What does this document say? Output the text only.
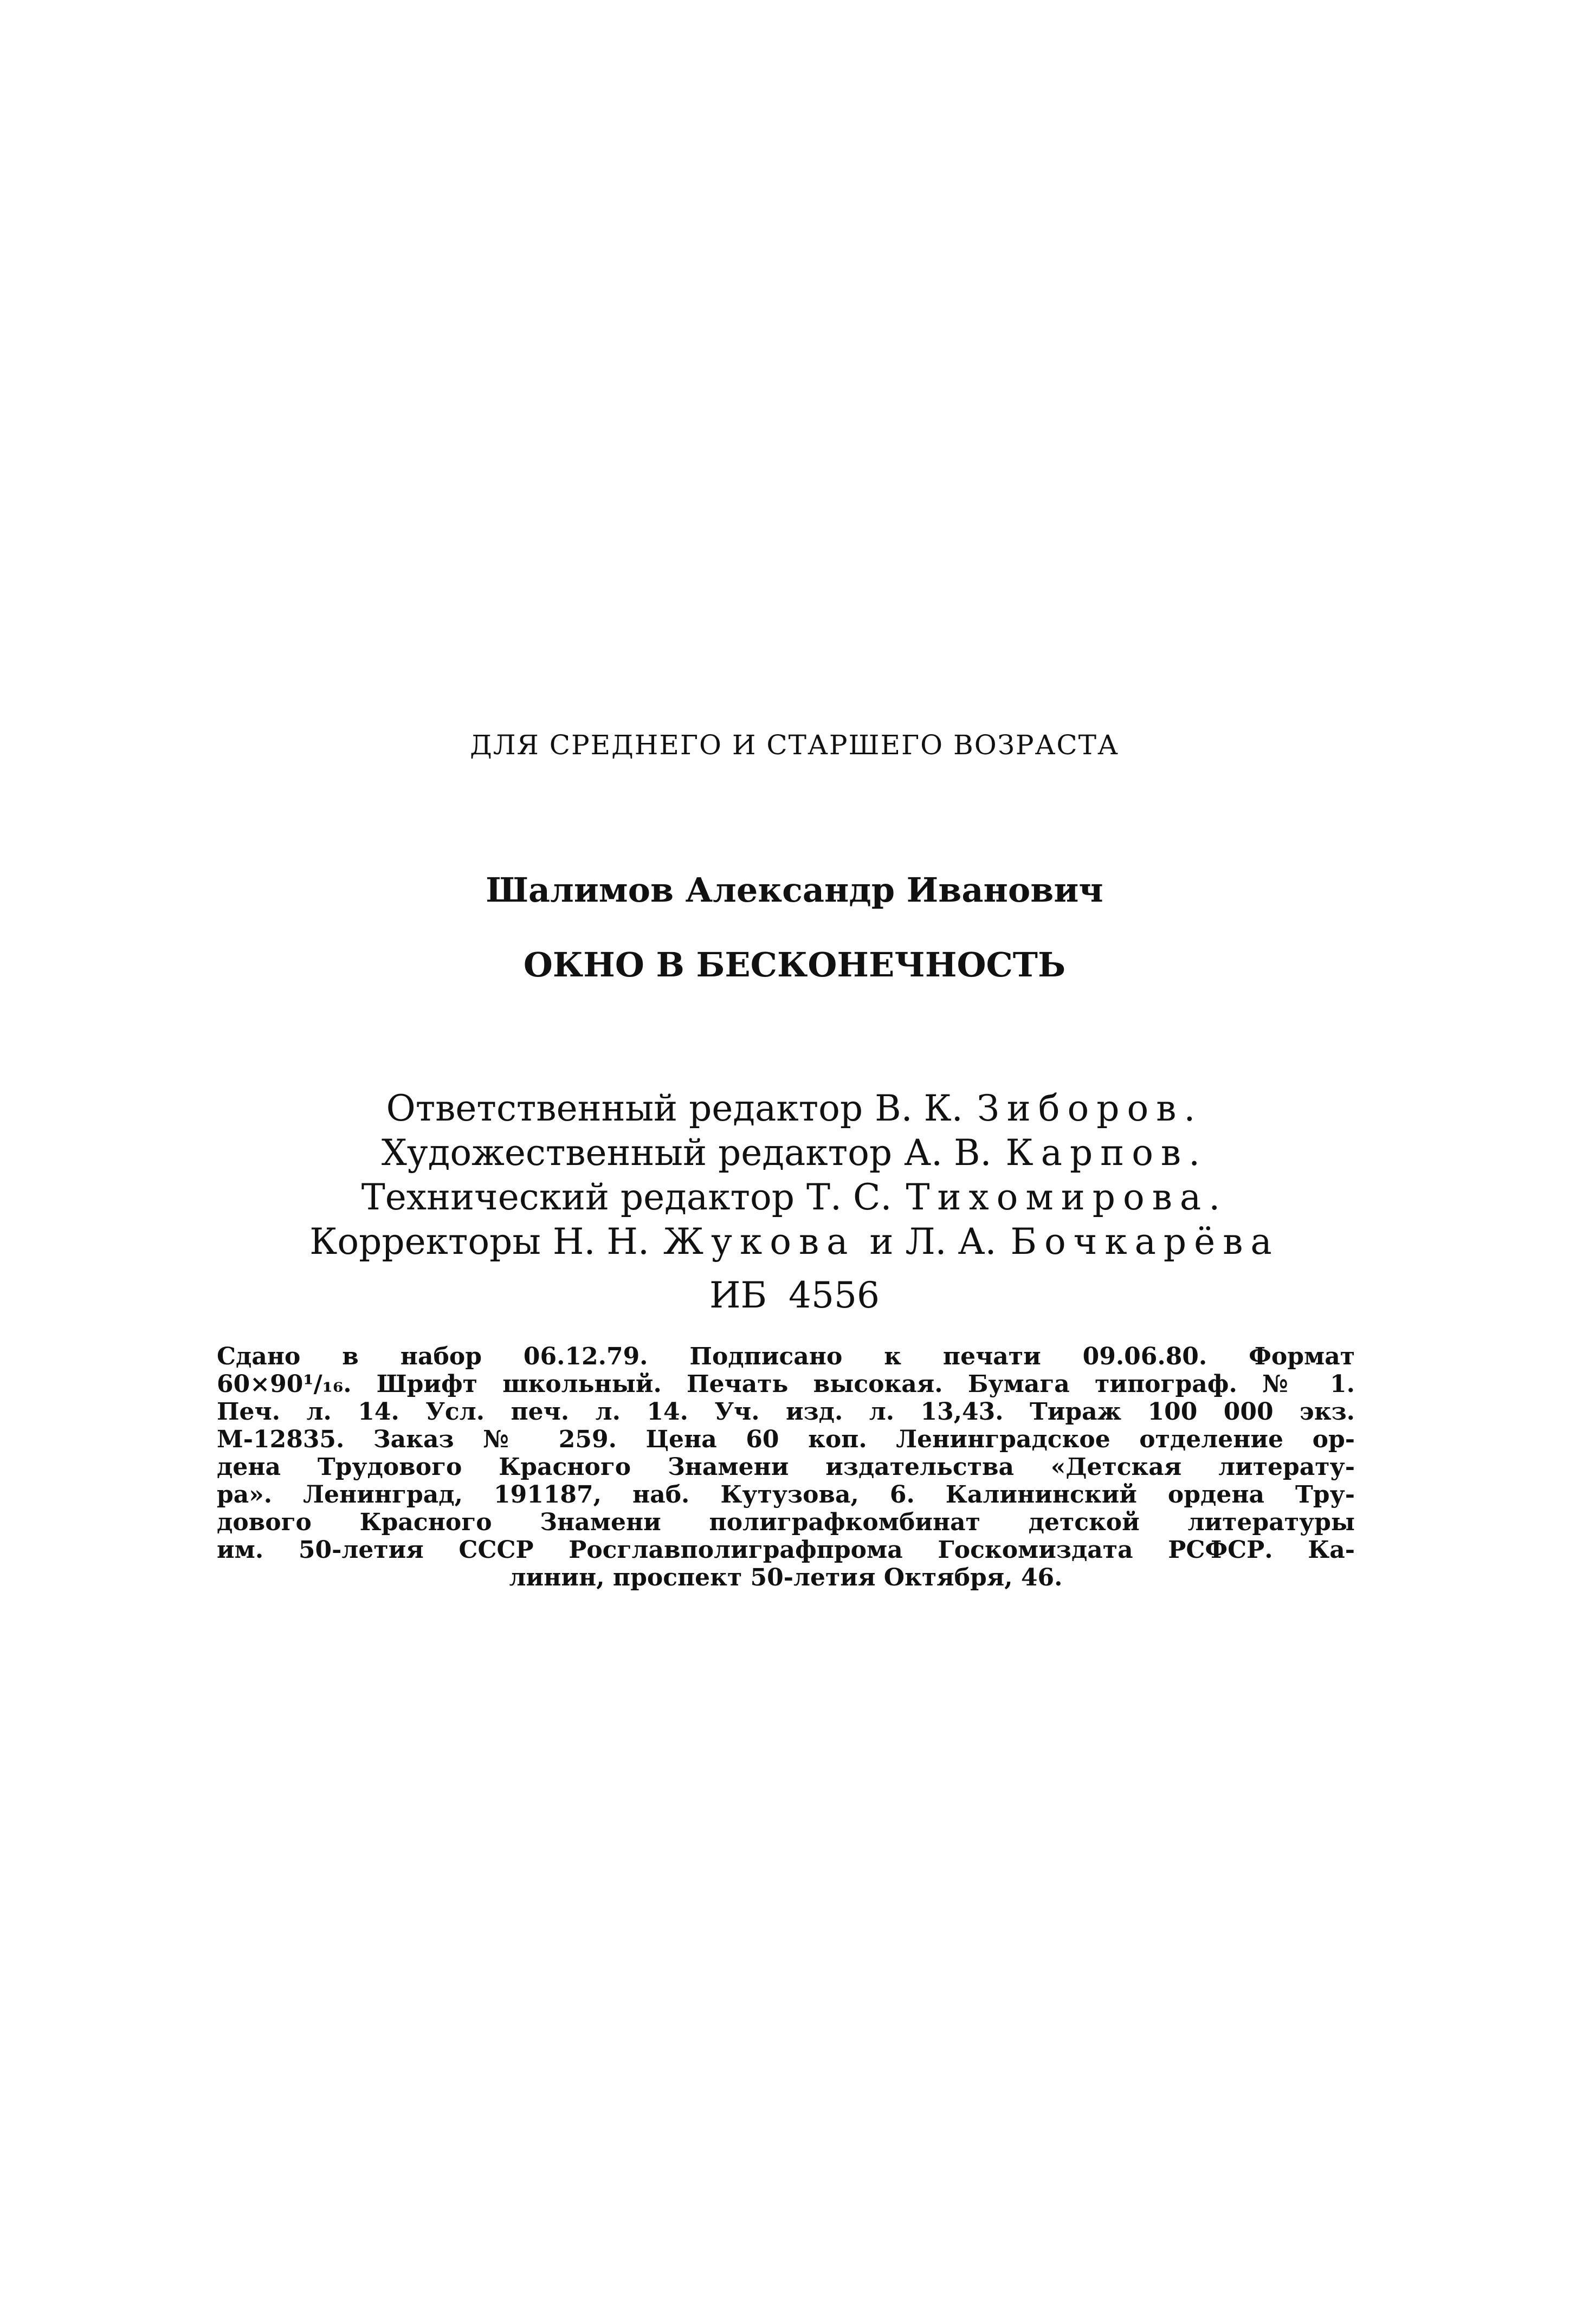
ДЛЯ СРЕДНЕГО И СТАРШЕГО ВОЗРАСТА
Шалимов Александр Иванович
ОКНО В БЕСКОНЕЧНОСТЬ
Ответственный редактор В. К. Зиборов.
Художественный редактор А. В. Карпов.
Технический редактор Т. С. Тихомирова.
Корректоры Н. Н. Жукова и Л. А. Бочкарёва
ИБ 4556
Сдано в набор 06.12.79. Подписано к печати 09.06.80. Формат
60×90¹/₁₆. Шрифт школьный. Печать высокая. Бумага типограф. № 1.
Печ. л. 14. Усл. печ. л. 14. Уч. изд. л. 13,43. Тираж 100 000 экз.
М-12835. Заказ № 259. Цена 60 коп. Ленинградское отделение ор-
дена Трудового Красного Знамени издательства «Детская литерату-
ра». Ленинград, 191187, наб. Кутузова, 6. Калининский ордена Тру-
дового Красного Знамени полиграфкомбинат детской литературы
им. 50-летия СССР Росглавполиграфпрома Госкомиздата РСФСР. Ка-
линин, проспект 50-летия Октября, 46.
